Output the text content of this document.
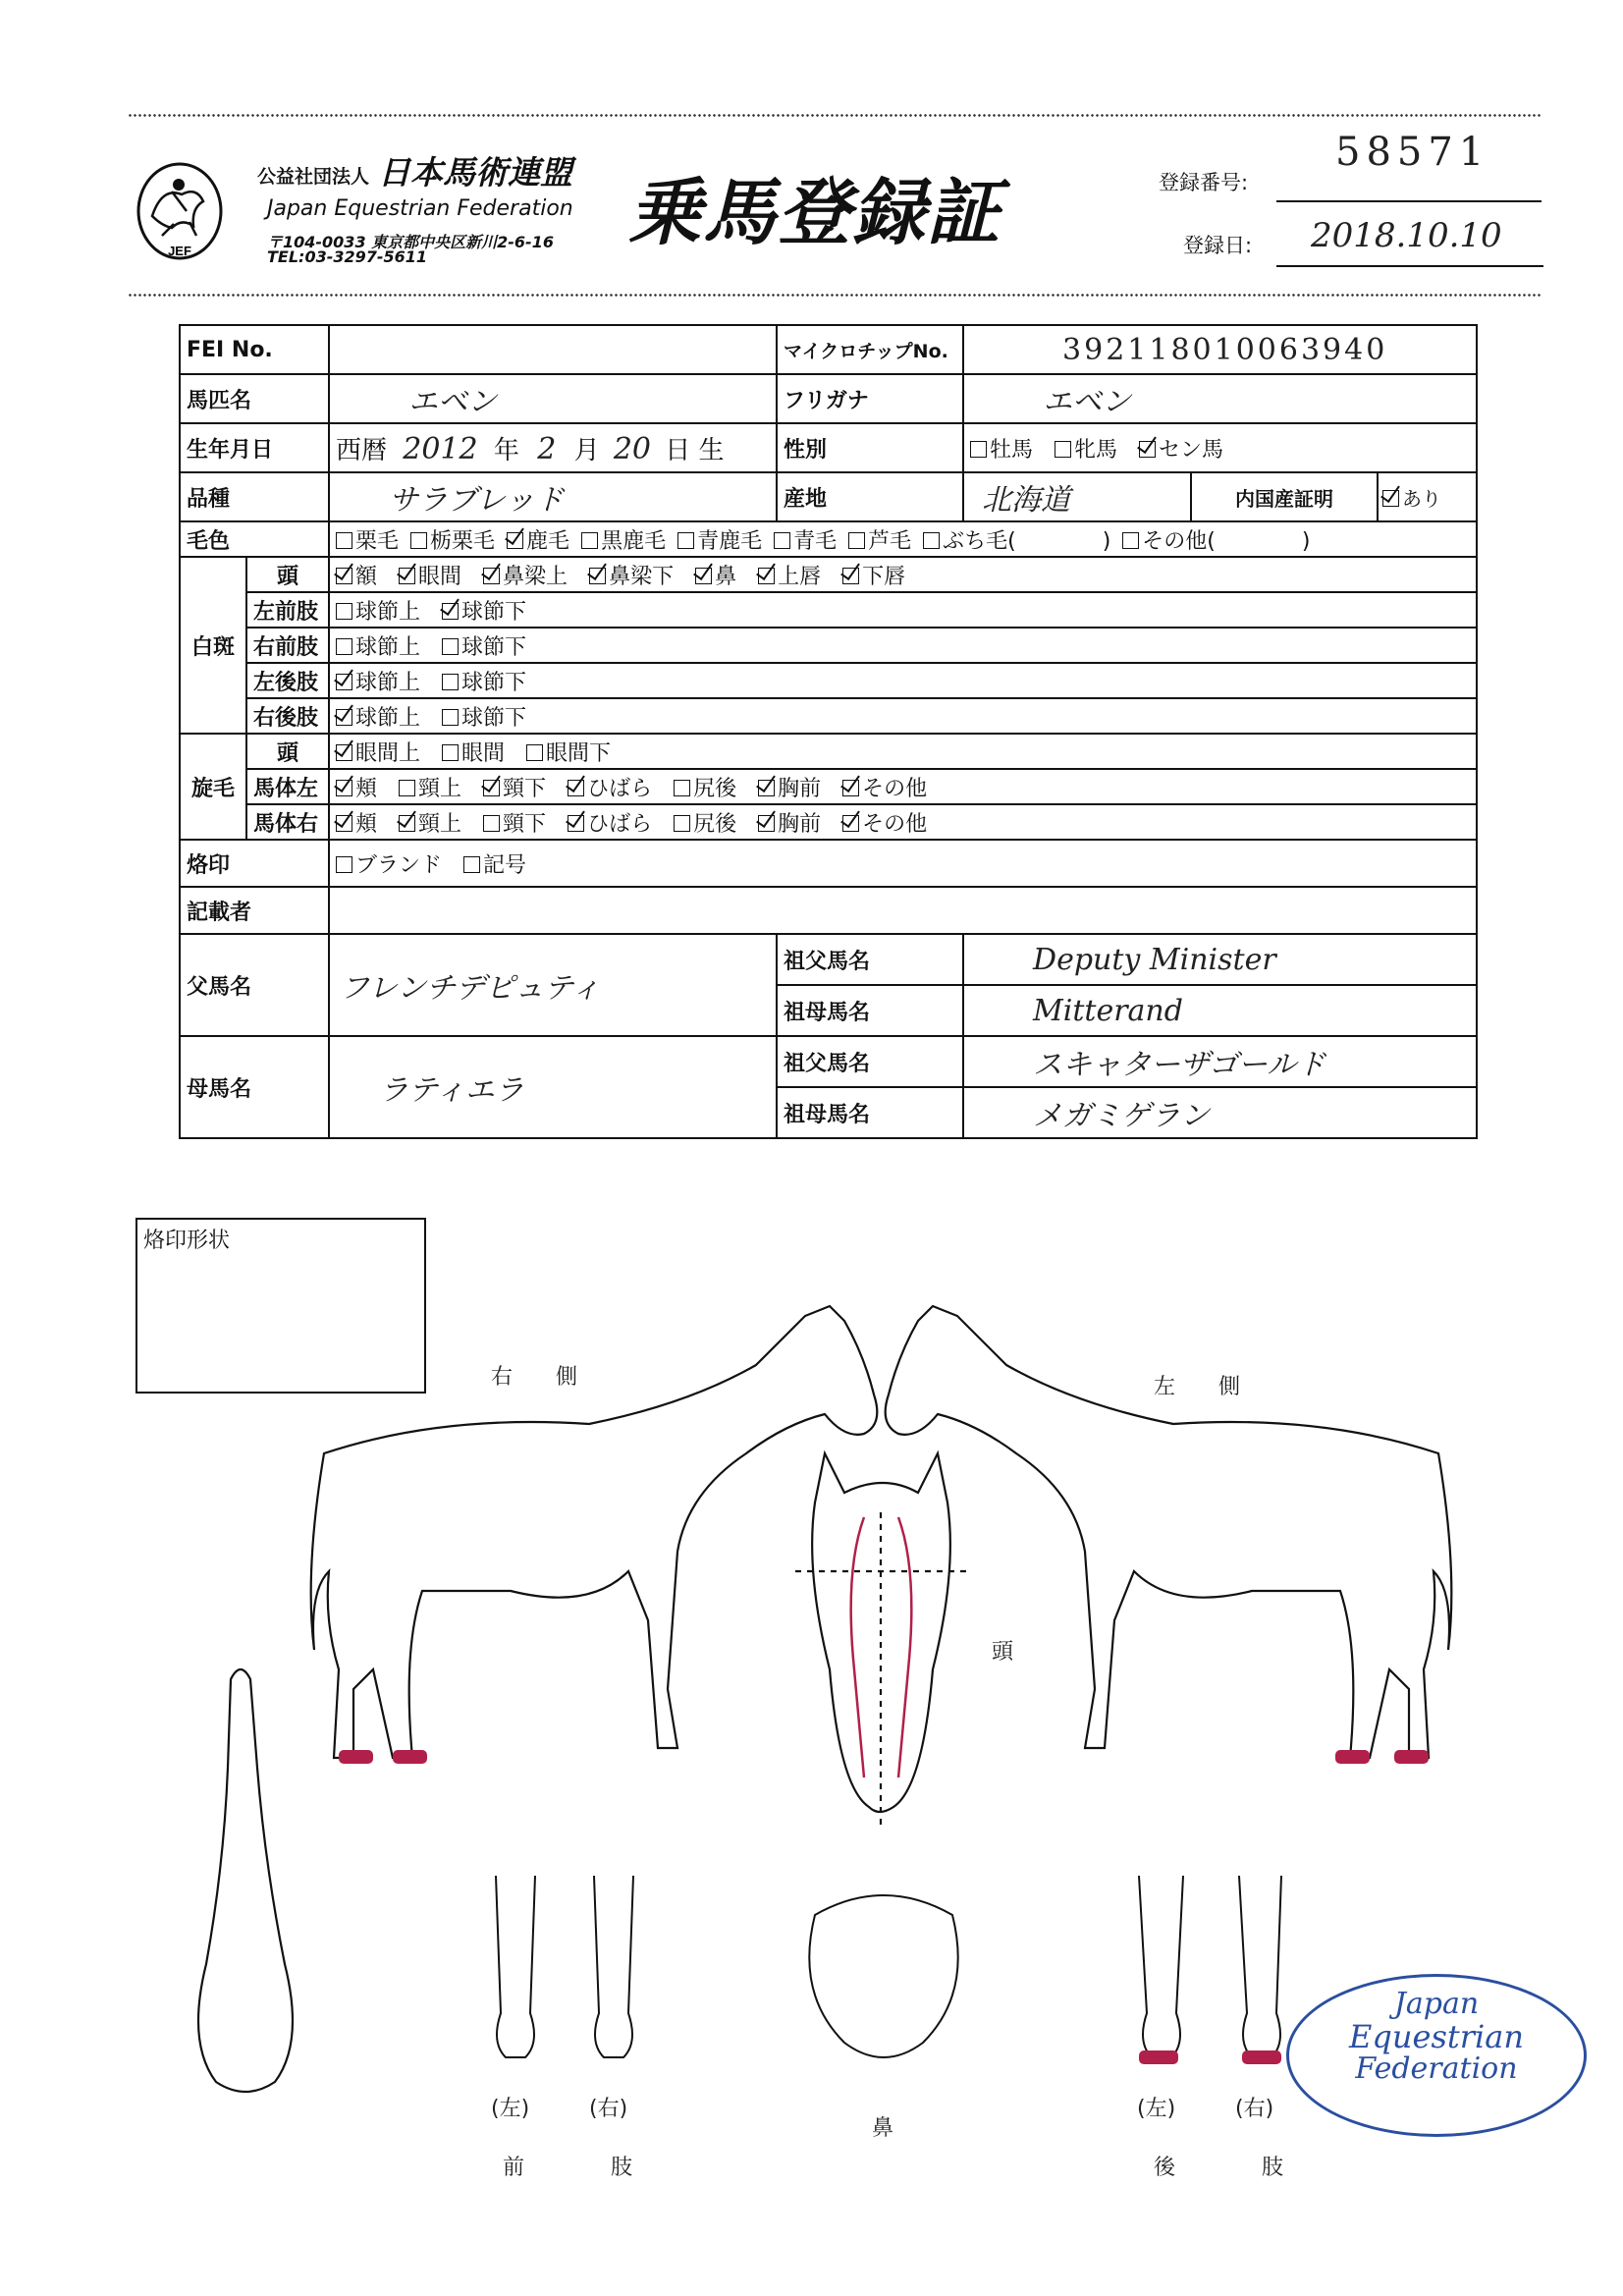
JEF
公益社団法人 日本馬術連盟
Japan Equestrian Federation
〒104-0033 東京都中央区新川2-6-16
TEL:03-3297-5611
乗馬登録証	登録番号:
58571
登録日: 2018.10.10
FEI No.			マイクロチップNo.	392118010063940		
馬匹名		エベン	フリガナ	エベン		
生年月日		西暦 2012 年 2 月 20 日 生	性別	牡馬 牝馬 セン馬		
品種		サラブレッド	産地	北海道	内国産証明	あり
毛色		栗毛 栃栗毛 鹿毛 黒鹿毛 青鹿毛 青毛 芦毛 ぶち毛(　　　　) その他(　　　　)				
白斑	頭	額 眼間 鼻梁上 鼻梁下 鼻 上唇 下唇				
	左前肢	球節上 球節下				
	右前肢	球節上 球節下				
	左後肢	球節上 球節下				
	右後肢	球節上 球節下				
旋毛	頭	眼間上 眼間 眼間下				
	馬体左	頬 頸上 頸下 ひばら 尻後 胸前 その他				
	馬体右	頬 頸上 頸下 ひばら 尻後 胸前 その他				
烙印		ブランド 記号				
記載者						
父馬名		フレンチデピュティ	祖父馬名	Deputy Minister		
			祖母馬名	Mitterand		
母馬名		ラティエラ	祖父馬名	スキャターザゴールド		
			祖母馬名	メガミゲラン		
烙印形状
右　　側	左　　側
頭
鼻
(左)	(右)
前　　　　肢
(左)	(右)
後　　　　肢
Japan
Equestrian
Federation
